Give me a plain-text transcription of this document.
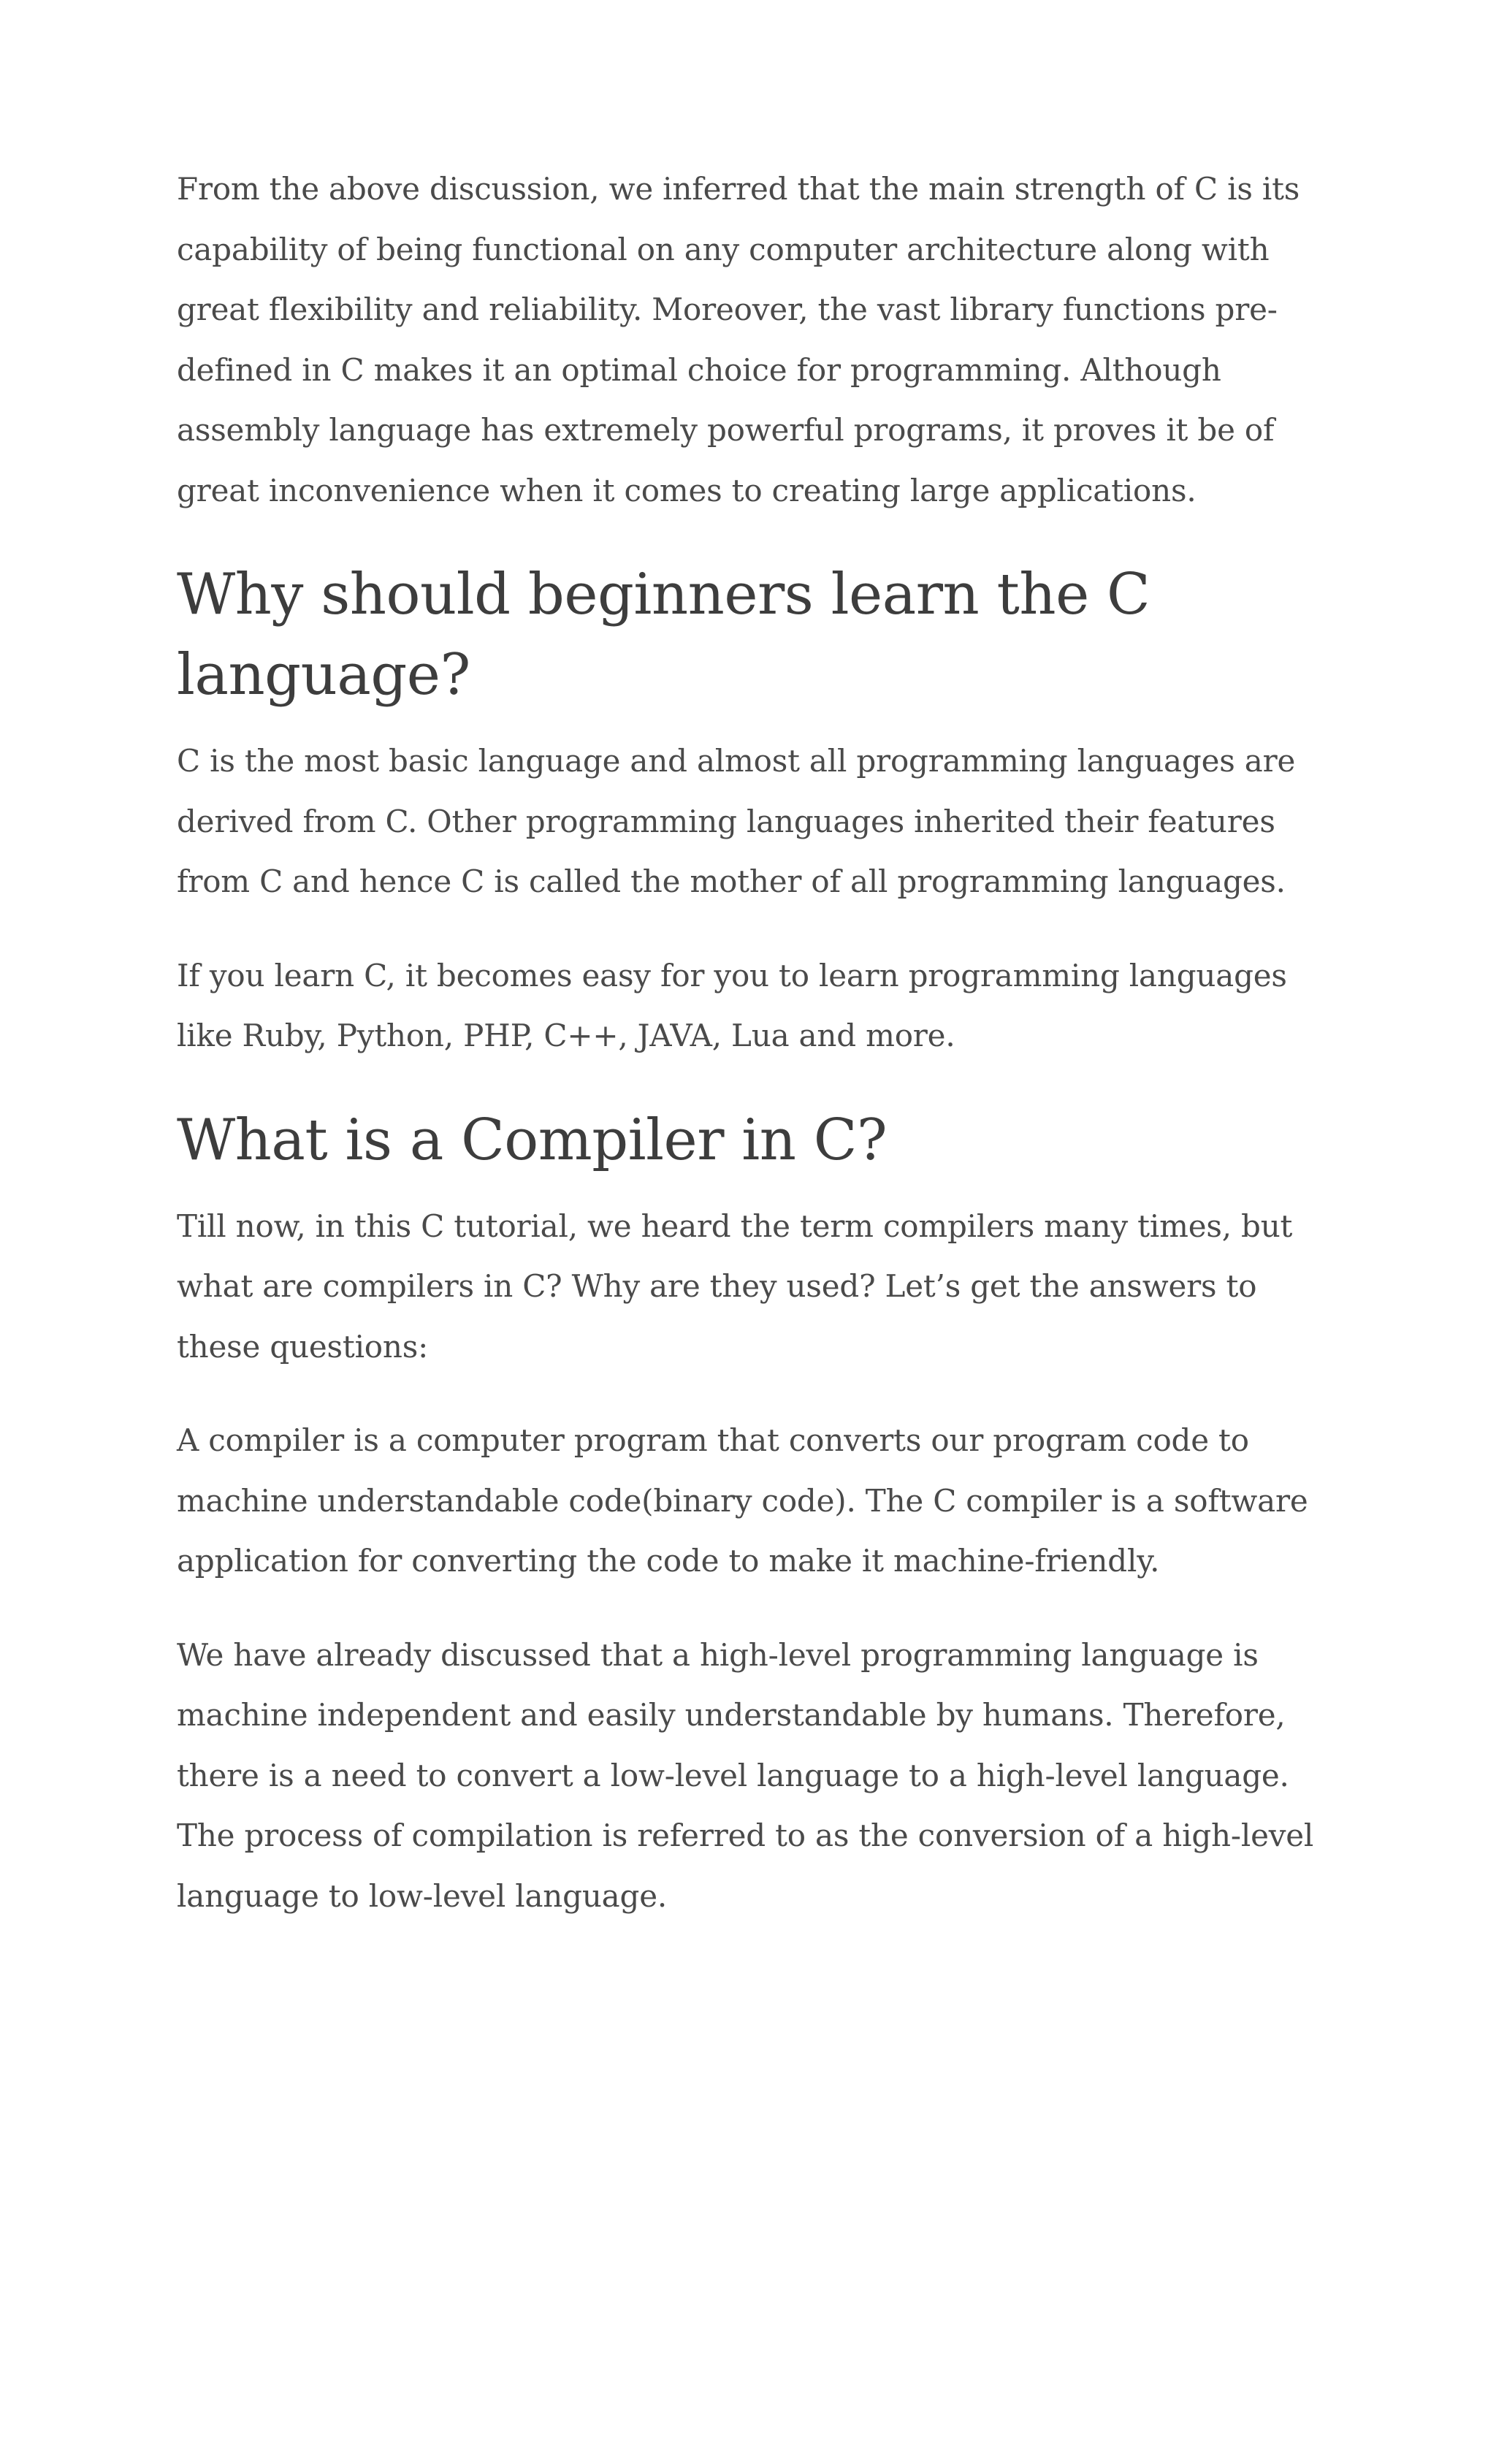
From the above discussion, we inferred that the main strength of C is its capability of being functional on any computer architecture along with great flexibility and reliability. Moreover, the vast library functions pre-defined in C makes it an optimal choice for programming. Although assembly language has extremely powerful programs, it proves it be of great inconvenience when it comes to creating large applications.

Why should beginners learn the C language?

C is the most basic language and almost all programming languages are derived from C. Other programming languages inherited their features from C and hence C is called the mother of all programming languages.

If you learn C, it becomes easy for you to learn programming languages like Ruby, Python, PHP, C++, JAVA, Lua and more.

What is a Compiler in C?

Till now, in this C tutorial, we heard the term compilers many times, but what are compilers in C? Why are they used? Let’s get the answers to these questions:

A compiler is a computer program that converts our program code to machine understandable code(binary code). The C compiler is a software application for converting the code to make it machine-friendly.

We have already discussed that a high-level programming language is machine independent and easily understandable by humans. Therefore, there is a need to convert a low-level language to a high-level language. The process of compilation is referred to as the conversion of a high-level language to low-level language.
